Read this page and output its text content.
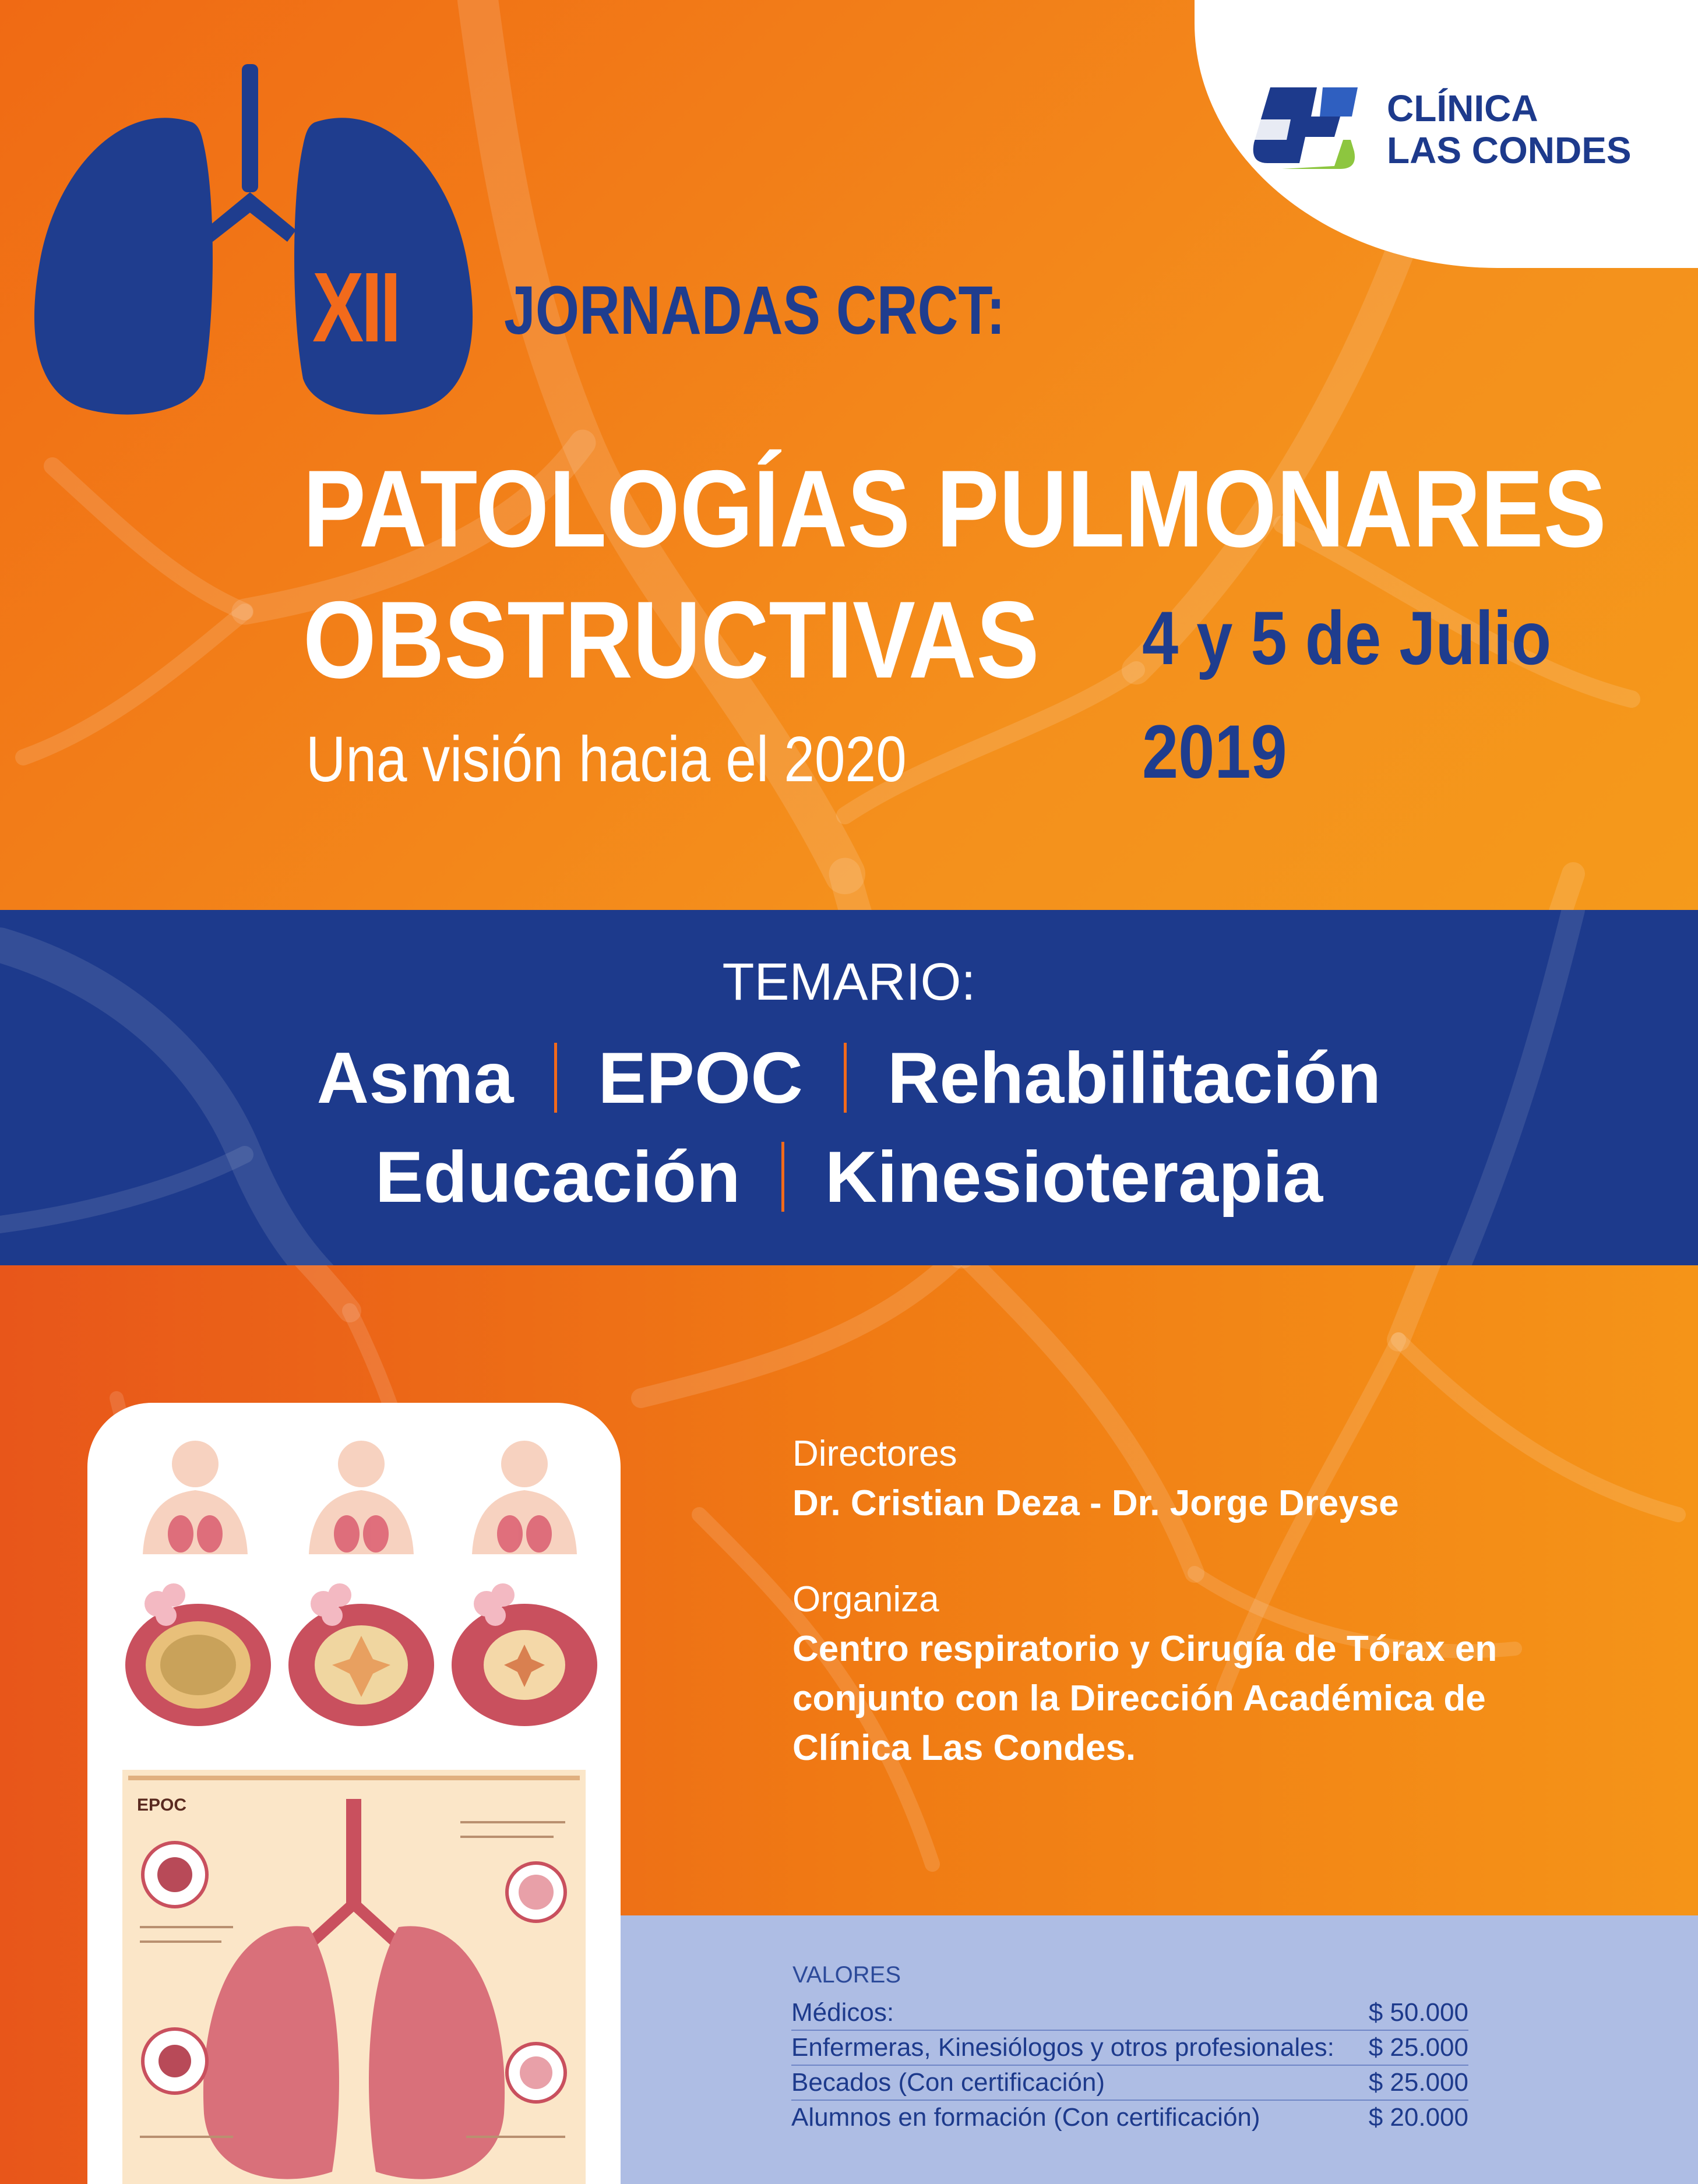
CLÍNICA
LAS CONDES
XII JORNADAS CRCT:
PATOLOGÍAS PULMONARES
OBSTRUCTIVAS
Una visión hacia el 2020
4 y 5 de Julio
2019
TEMARIO:
Asma EPOC Rehabilitación
Educación Kinesioterapia
EPOC
Directores
Dr. Cristian Deza - Dr. Jorge Dreyse
Organiza
Centro respiratorio y Cirugía de Tórax en
conjunto con la Dirección Académica de
Clínica Las Condes.
VALORES
Médicos:	$ 50.000
Enfermeras, Kinesiólogos y otros profesionales: $ 25.000
Becados (Con certificación)	$ 25.000
Alumnos en formación (Con certificación)	$ 20.000
